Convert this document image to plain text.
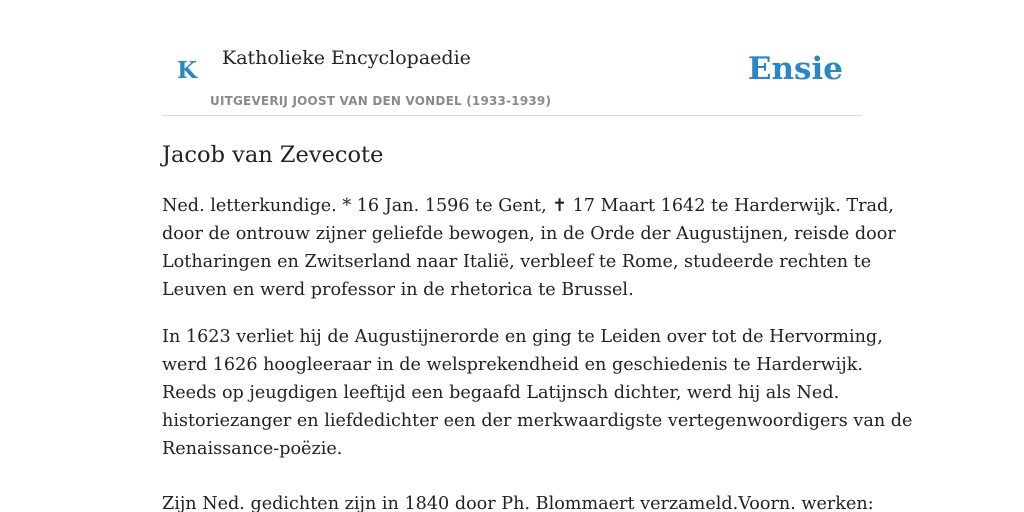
K Katholieke Encyclopaedie
UITGEVERIJ JOOST VAN DEN VONDEL (1933-1939)
Ensie
Jacob van Zevecote

Ned. letterkundige. * 16 Jan. 1596 te Gent, ✝ 17 Maart 1642 te Harderwijk. Trad,
door de ontrouw zijner geliefde bewogen, in de Orde der Augustijnen, reisde door
Lotharingen en Zwitserland naar Italië, verbleef te Rome, studeerde rechten te
Leuven en werd professor in de rhetorica te Brussel.

In 1623 verliet hij de Augustijnerorde en ging te Leiden over tot de Hervorming,
werd 1626 hoogleeraar in de welsprekendheid en geschiedenis te Harderwijk.
Reeds op jeugdigen leeftijd een begaafd Latijnsch dichter, werd hij als Ned.
historiezanger en liefdedichter een der merkwaardigste vertegenwoordigers van de
Renaissance-poëzie.

Zijn Ned. gedichten zijn in 1840 door Ph. Blommaert verzameld.Voorn. werken:
